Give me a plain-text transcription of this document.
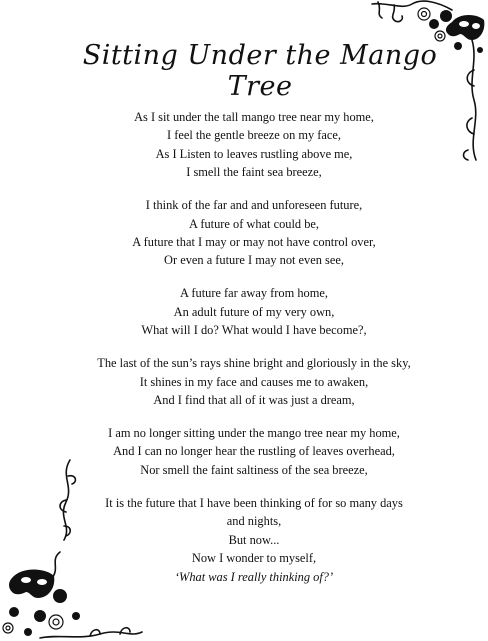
Sitting Under the Mango Tree
As I sit under the tall mango tree near my home,
I feel the gentle breeze on my face,
As I Listen to leaves rustling above me,
I smell the faint sea breeze,
I think of the far and and unforeseen future,
A future of what could be,
A future that I may or may not have control over,
Or even a future I may not even see,
A future far away from home,
An adult future of my very own,
What will I do? What would I have become?,
The last of the sun’s rays shine bright and gloriously in the sky,
It shines in my face and causes me to awaken,
And I find that all of it was just a dream,
I am no longer sitting under the mango tree near my home,
And I can no longer hear the rustling of leaves overhead,
Nor smell the faint saltiness of the sea breeze,
It is the future that I have been thinking of for so many days
and nights,
But now...
Now I wonder to myself,
‘What was I really thinking of?’
